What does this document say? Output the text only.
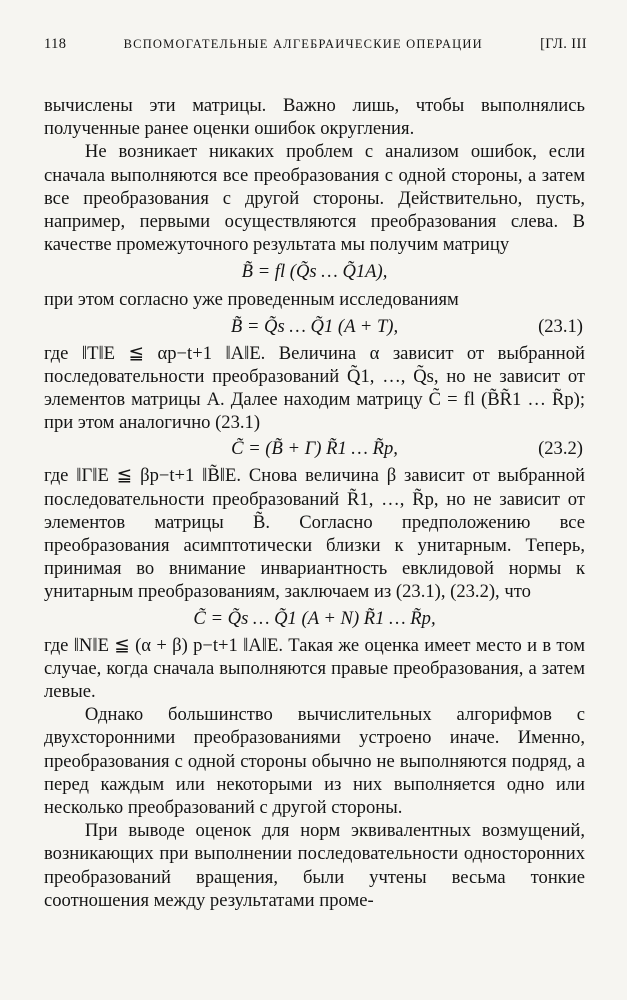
118	ВСПОМОГАТЕЛЬНЫЕ АЛГЕБРАИЧЕСКИЕ ОПЕРАЦИИ	[ГЛ. III

вычислены эти матрицы. Важно лишь, чтобы выполнялись полученные ранее оценки ошибок округления.

Не возникает никаких проблем с анализом ошибок, если сначала выполняются все преобразования с одной стороны, а затем все преобразования с другой стороны. Действительно, пусть, например, первыми осуществляются преобразования слева. В качестве промежуточного результата мы получим матрицу

B̃ = fl (Q̃s … Q̃1A),

при этом согласно уже проведенным исследованиям

B̃ = Q̃s … Q̃1 (A + T),	(23.1)

где ‖T‖E ≦ αp−t+1 ‖A‖E. Величина α зависит от выбранной последовательности преобразований Q̃1, …, Q̃s, но не зависит от элементов матрицы A. Далее находим матрицу C̃ = fl (B̃R̃1 … R̃p); при этом аналогично (23.1)

C̃ = (B̃ + Γ) R̃1 … R̃p,	(23.2)

где ‖Γ‖E ≦ βp−t+1 ‖B̃‖E. Снова величина β зависит от выбранной последовательности преобразований R̃1, …, R̃p, но не зависит от элементов матрицы B̃. Согласно предположению все преобразования асимптотически близки к унитарным. Теперь, принимая во внимание инвариантность евклидовой нормы к унитарным преобразованиям, заключаем из (23.1), (23.2), что

C̃ = Q̃s … Q̃1 (A + N) R̃1 … R̃p,

где ‖N‖E ≦ (α + β) p−t+1 ‖A‖E. Такая же оценка имеет место и в том случае, когда сначала выполняются правые преобразования, а затем левые.

Однако большинство вычислительных алгорифмов с двухсторонними преобразованиями устроено иначе. Именно, преобразования с одной стороны обычно не выполняются подряд, а перед каждым или некоторыми из них выполняется одно или несколько преобразований с другой стороны.

При выводе оценок для норм эквивалентных возмущений, возникающих при выполнении последовательности односторонних преобразований вращения, были учтены весьма тонкие соотношения между результатами проме-
